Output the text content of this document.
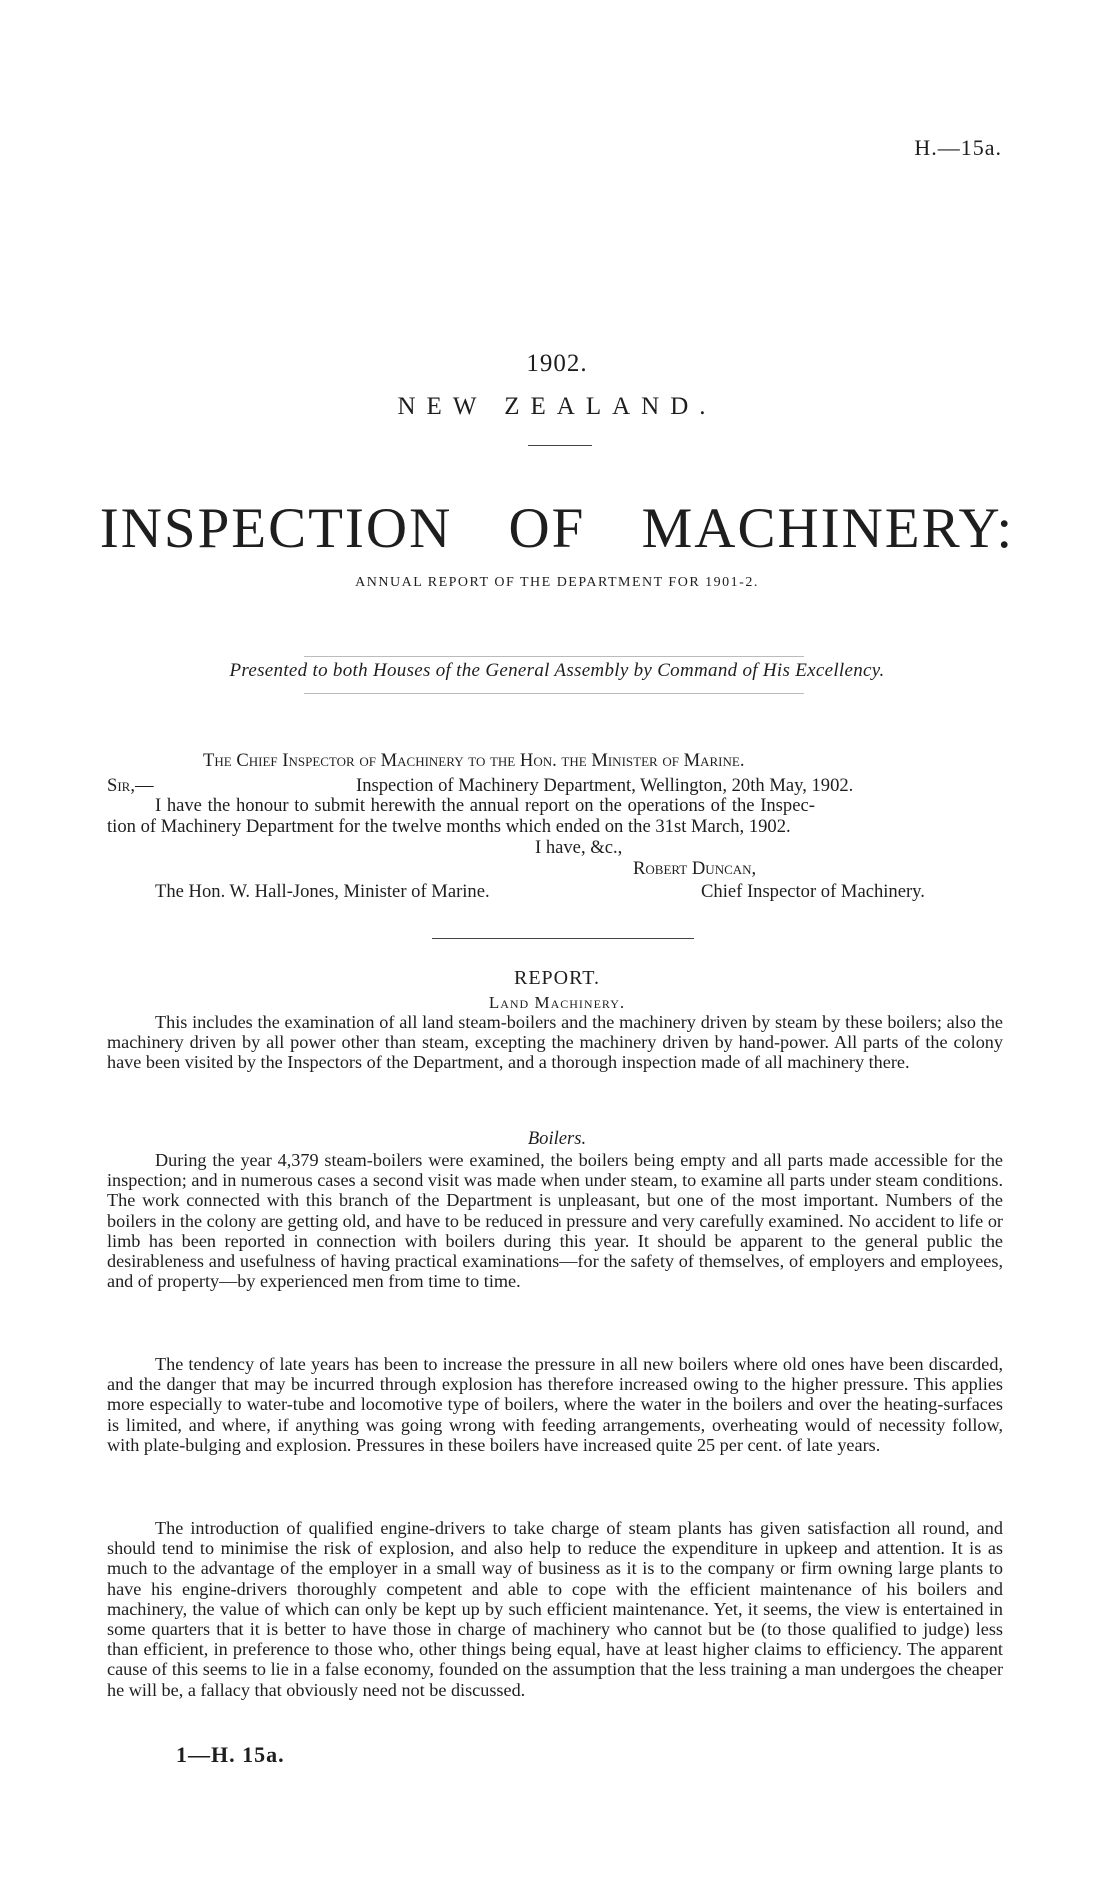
H.—15a.
1902.
NEW ZEALAND.
INSPECTION OF MACHINERY:
ANNUAL REPORT OF THE DEPARTMENT FOR 1901-2.
Presented to both Houses of the General Assembly by Command of His Excellency.
The Chief Inspector of Machinery to the Hon. the Minister of Marine.
Sir,—	Inspection of Machinery Department, Wellington, 20th May, 1902.
I have the honour to submit herewith the annual report on the operations of the Inspec-
tion of Machinery Department for the twelve months which ended on the 31st March, 1902.
I have, &c.,
Robert Duncan,
The Hon. W. Hall-Jones, Minister of Marine.	Chief Inspector of Machinery.
REPORT.
Land Machinery.

This includes the examination of all land steam-boilers and the machinery driven by steam by these boilers; also the machinery driven by all power other than steam, excepting the machinery driven by hand-power. All parts of the colony have been visited by the Inspectors of the Department, and a thorough inspection made of all machinery there.

Boilers.

During the year 4,379 steam-boilers were examined, the boilers being empty and all parts made accessible for the inspection; and in numerous cases a second visit was made when under steam, to examine all parts under steam conditions. The work connected with this branch of the Department is unpleasant, but one of the most important. Numbers of the boilers in the colony are getting old, and have to be reduced in pressure and very carefully examined. No accident to life or limb has been reported in connection with boilers during this year. It should be apparent to the general public the desirableness and usefulness of having practical examinations—for the safety of themselves, of employers and employees, and of property—by experienced men from time to time.

The tendency of late years has been to increase the pressure in all new boilers where old ones have been discarded, and the danger that may be incurred through explosion has therefore increased owing to the higher pressure. This applies more especially to water-tube and locomotive type of boilers, where the water in the boilers and over the heating-surfaces is limited, and where, if anything was going wrong with feeding arrangements, overheating would of necessity follow, with plate-bulging and explosion. Pressures in these boilers have increased quite 25 per cent. of late years.

The introduction of qualified engine-drivers to take charge of steam plants has given satisfaction all round, and should tend to minimise the risk of explosion, and also help to reduce the expenditure in upkeep and attention. It is as much to the advantage of the employer in a small way of business as it is to the company or firm owning large plants to have his engine-drivers thoroughly competent and able to cope with the efficient maintenance of his boilers and machinery, the value of which can only be kept up by such efficient maintenance. Yet, it seems, the view is entertained in some quarters that it is better to have those in charge of machinery who cannot but be (to those qualified to judge) less than efficient, in preference to those who, other things being equal, have at least higher claims to efficiency. The apparent cause of this seems to lie in a false economy, founded on the assumption that the less training a man undergoes the cheaper he will be, a fallacy that obviously need not be discussed.

1—H. 15a.
